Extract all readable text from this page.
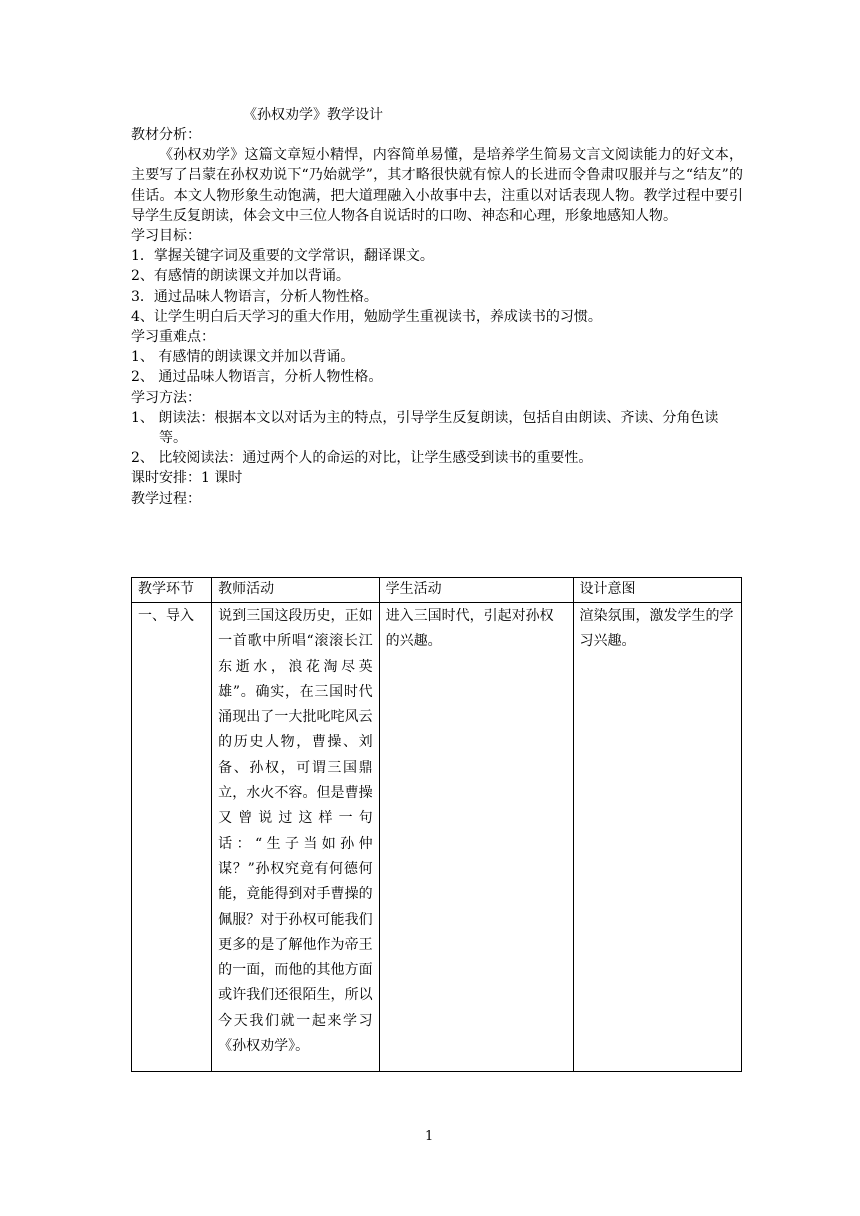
《孙权劝学》教学设计

教材分析：

《孙权劝学》这篇文章短小精悍，内容简单易懂，是培养学生简易文言文阅读能力的好文本，主要写了吕蒙在孙权劝说下“乃始就学”，其才略很快就有惊人的长进而令鲁肃叹服并与之“结友”的佳话。本文人物形象生动饱满，把大道理融入小故事中去，注重以对话表现人物。教学过程中要引导学生反复朗读，体会文中三位人物各自说话时的口吻、神态和心理，形象地感知人物。

学习目标：

1．掌握关键字词及重要的文学常识，翻译课文。

2、有感情的朗读课文并加以背诵。

3．通过品味人物语言，分析人物性格。

4、让学生明白后天学习的重大作用，勉励学生重视读书，养成读书的习惯。

学习重难点：

1、 有感情的朗读课文并加以背诵。

2、 通过品味人物语言，分析人物性格。

学习方法：

1、 朗读法：根据本文以对话为主的特点，引导学生反复朗读，包括自由朗读、齐读、分角色读等。

2、 比较阅读法：通过两个人的命运的对比，让学生感受到读书的重要性。

课时安排：1 课时

教学过程：

教学环节	教师活动	学生活动	设计意图
一、导入	说到三国这段历史，正如一首歌中所唱“滚滚长江东逝水，浪花淘尽英雄”。确实，在三国时代涌现出了一大批叱咤风云的历史人物，曹操、刘备、孙权，可谓三国鼎立，水火不容。但是曹操又曾说过这样一句话：“生子当如孙仲谋？”孙权究竟有何德何能，竟能得到对手曹操的佩服？对于孙权可能我们更多的是了解他作为帝王的一面，而他的其他方面或许我们还很陌生，所以今天我们就一起来学习《孙权劝学》。	进入三国时代，引起对孙权的兴趣。	渲染氛围，激发学生的学习兴趣。
1
